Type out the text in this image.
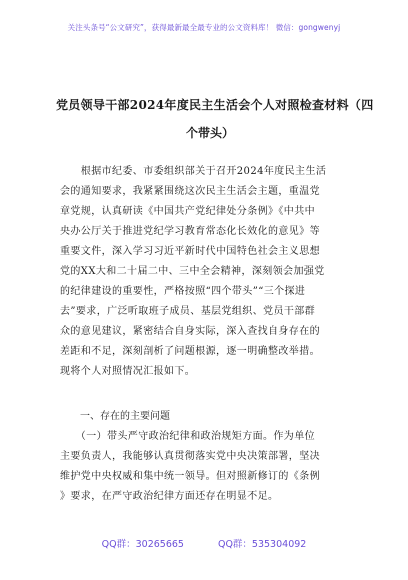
关注头条号“公文研究”，获得最新最全最专业的公文资料库！ 微信：gongwenyj
党员领导干部2024年度民主生活会个人对照检查材料（四
个带头）
　　根据市纪委、市委组织部关于召开2024年度民主生活
会的通知要求，我紧紧围绕这次民主生活会主题，重温党
章党规，认真研读《中国共产党纪律处分条例》《中共中
央办公厅关于推进党纪学习教育常态化长效化的意见》等
重要文件，深入学习习近平新时代中国特色社会主义思想
党的XX大和二十届二中、三中全会精神，深刻领会加强党
的纪律建设的重要性，严格按照“四个带头”“三个探进
去”要求，广泛听取班子成员、基层党组织、党员干部群
众的意见建议，紧密结合自身实际，深入查找自身存在的
差距和不足，深刻剖析了问题根源，逐一明确整改举措。
现将个人对照情况汇报如下。
一、存在的主要问题
　　（一）带头严守政治纪律和政治规矩方面。作为单位
主要负责人，我能够认真贯彻落实党中央决策部署，坚决
维护党中央权威和集中统一领导。但对照新修订的《条例
》要求，在严守政治纪律方面还存在明显不足。
QQ群：30265665	QQ群：535304092
